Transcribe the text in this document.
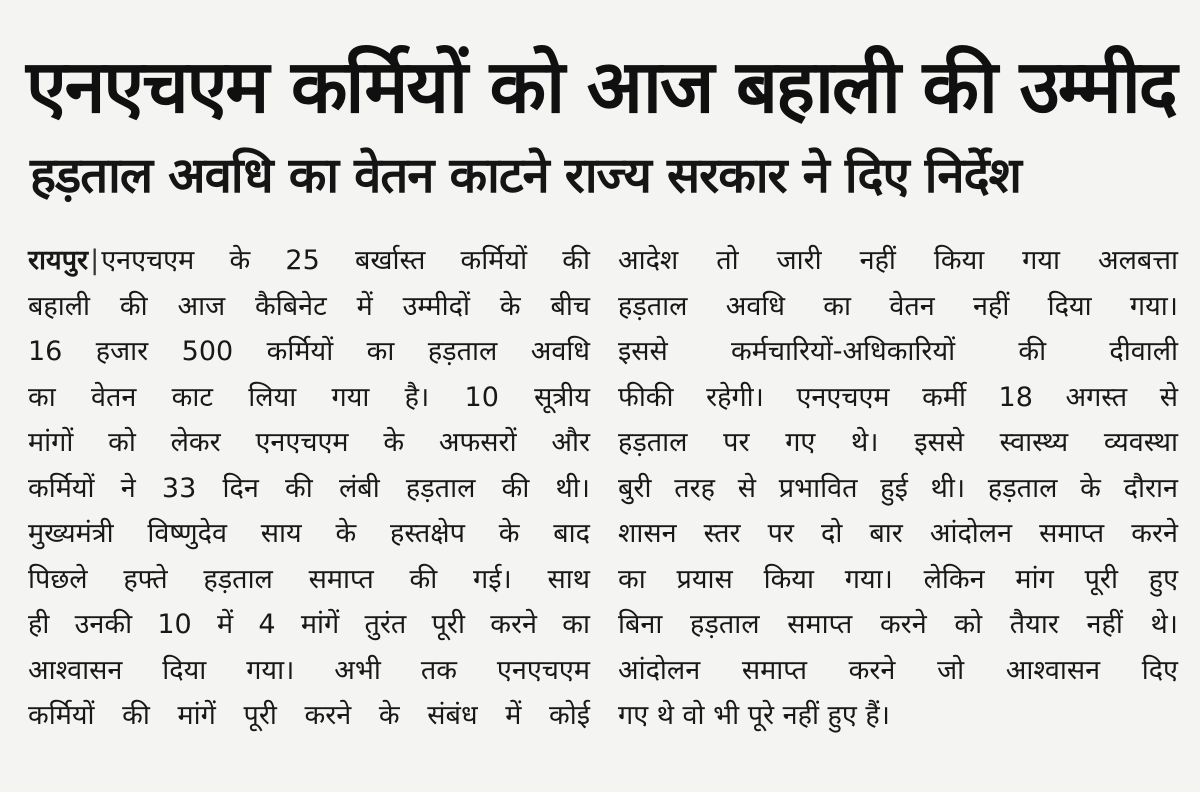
एनएचएम कर्मियों को आज बहाली की उम्मीद
हड़ताल अवधि का वेतन काटने राज्य सरकार ने दिए निर्देश
रायपुर|एनएचएम के 25 बर्खास्त कर्मियों की
बहाली की आज कैबिनेट में उम्मीदों के बीच
16 हजार 500 कर्मियों का हड़ताल अवधि
का वेतन काट लिया गया है। 10 सूत्रीय
मांगों को लेकर एनएचएम के अफसरों और
कर्मियों ने 33 दिन की लंबी हड़ताल की थी।
मुख्यमंत्री विष्णुदेव साय के हस्तक्षेप के बाद
पिछले हफ्ते हड़ताल समाप्त की गई। साथ
ही उनकी 10 में 4 मांगें तुरंत पूरी करने का
आश्वासन दिया गया। अभी तक एनएचएम
कर्मियों की मांगें पूरी करने के संबंध में कोई
आदेश तो जारी नहीं किया गया अलबत्ता
हड़ताल अवधि का वेतन नहीं दिया गया।
इससे कर्मचारियों-अधिकारियों की दीवाली
फीकी रहेगी। एनएचएम कर्मी 18 अगस्त से
हड़ताल पर गए थे। इससे स्वास्थ्य व्यवस्था
बुरी तरह से प्रभावित हुई थी। हड़ताल के दौरान
शासन स्तर पर दो बार आंदोलन समाप्त करने
का प्रयास किया गया। लेकिन मांग पूरी हुए
बिना हड़ताल समाप्त करने को तैयार नहीं थे।
आंदोलन समाप्त करने जो आश्वासन दिए
गए थे वो भी पूरे नहीं हुए हैं।
